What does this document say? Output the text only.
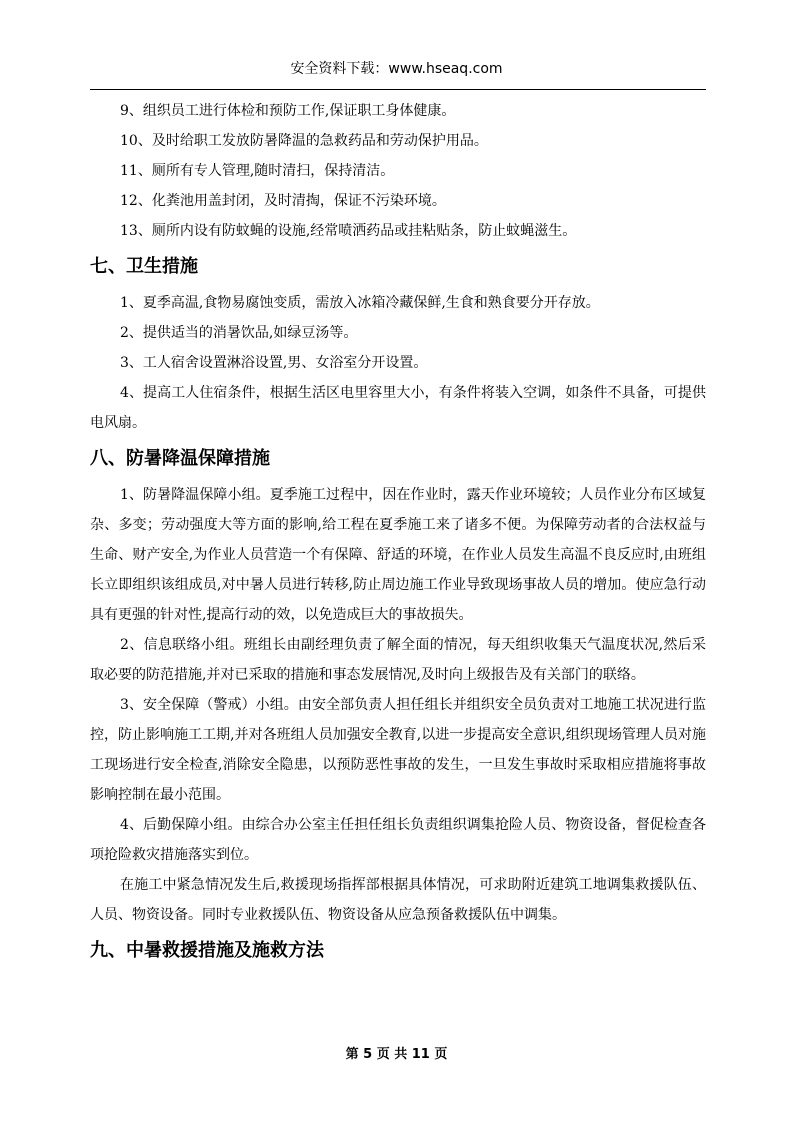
安全资料下载：www.hseaq.com
9、组织员工进行体检和预防工作,保证职工身体健康。
10、及时给职工发放防暑降温的急救药品和劳动保护用品。
11、厕所有专人管理,随时清扫，保持清洁。
12、化粪池用盖封闭，及时清掏，保证不污染环境。
13、厕所内设有防蚊蝇的设施,经常喷洒药品或挂粘贴条，防止蚊蝇滋生。
七、卫生措施
1、夏季高温,食物易腐蚀变质，需放入冰箱冷藏保鲜,生食和熟食要分开存放。
2、提供适当的消暑饮品,如绿豆汤等。
3、工人宿舍设置淋浴设置,男、女浴室分开设置。

4、提高工人住宿条件，根据生活区电里容里大小，有条件将装入空调，如条件不具备，可提供电风扇。

八、防暑降温保障措施

1、防暑降温保障小组。夏季施工过程中，因在作业时，露天作业环境较；人员作业分布区域复杂、多变；劳动强度大等方面的影响,给工程在夏季施工来了诸多不便。为保障劳动者的合法权益与生命、财产安全,为作业人员营造一个有保障、舒适的环境，在作业人员发生高温不良反应时,由班组长立即组织该组成员,对中暑人员进行转移,防止周边施工作业导致现场事故人员的增加。使应急行动具有更强的针对性,提高行动的效，以免造成巨大的事故损失。

2、信息联络小组。班组长由副经理负责了解全面的情况，每天组织收集天气温度状况,然后采取必要的防范措施,并对已采取的措施和事态发展情况,及时向上级报告及有关部门的联络。

3、安全保障（警戒）小组。由安全部负责人担任组长并组织安全员负责对工地施工状况进行监控，防止影响施工工期,并对各班组人员加强安全教育,以进一步提高安全意识,组织现场管理人员对施工现场进行安全检查,消除安全隐患，以预防恶性事故的发生，一旦发生事故时采取相应措施将事故影响控制在最小范围。

4、后勤保障小组。由综合办公室主任担任组长负责组织调集抢险人员、物资设备，督促检查各项抢险救灾措施落实到位。

在施工中紧急情况发生后,救援现场指挥部根据具体情况，可求助附近建筑工地调集救援队伍、人员、物资设备。同时专业救援队伍、物资设备从应急预备救援队伍中调集。

九、中暑救援措施及施救方法
第 5 页 共 11 页
